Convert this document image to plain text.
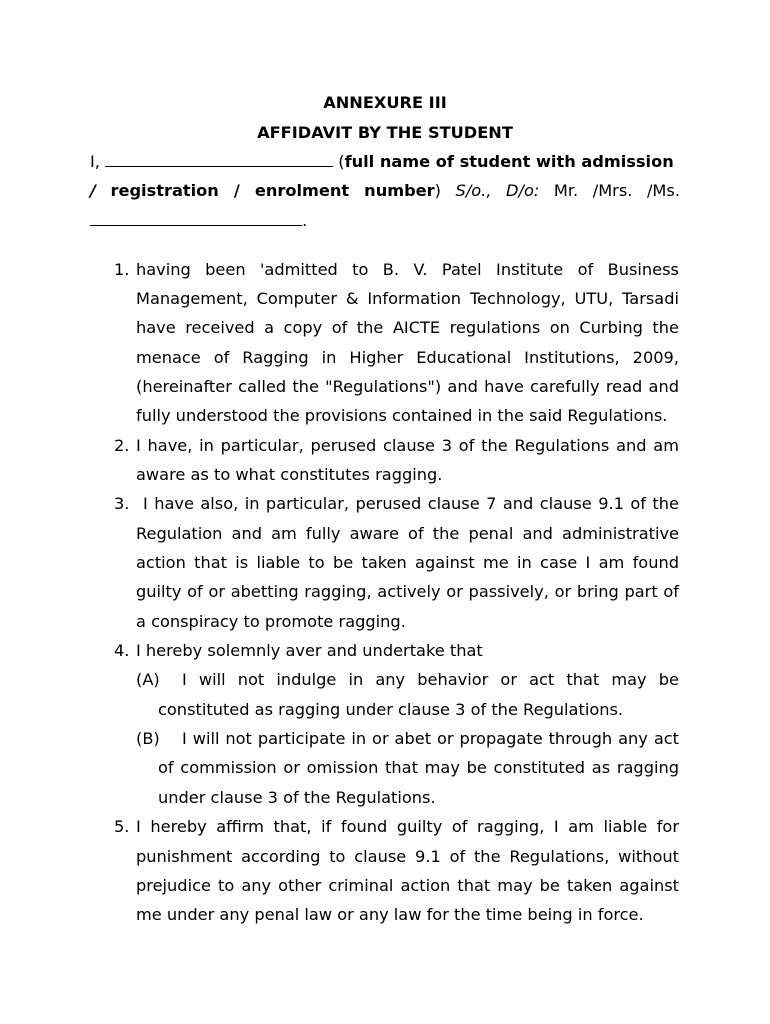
ANNEXURE III
AFFIDAVIT BY THE STUDENT
I,	(full name of student with admission
/ registration / enrolment number) S/o., D/o: Mr. /Mrs. /Ms.
.
1. having been 'admitted to B. V. Patel Institute of Business
Management, Computer & Information Technology, UTU, Tarsadi
have received a copy of the AICTE regulations on Curbing the
menace of Ragging in Higher Educational Institutions, 2009,
(hereinafter called the "Regulations") and have carefully read and
fully understood the provisions contained in the said Regulations.
2. I have, in particular, perused clause 3 of the Regulations and am
aware as to what constitutes ragging.
3. I have also, in particular, perused clause 7 and clause 9.1 of the
Regulation and am fully aware of the penal and administrative
action that is liable to be taken against me in case I am found
guilty of or abetting ragging, actively or passively, or bring part of
a conspiracy to promote ragging.
4. I hereby solemnly aver and undertake that
(A) I will not indulge in any behavior or act that may be
constituted as ragging under clause 3 of the Regulations.
(B) I will not participate in or abet or propagate through any act
of commission or omission that may be constituted as ragging
under clause 3 of the Regulations.
5. I hereby affirm that, if found guilty of ragging, I am liable for
punishment according to clause 9.1 of the Regulations, without
prejudice to any other criminal action that may be taken against
me under any penal law or any law for the time being in force.
